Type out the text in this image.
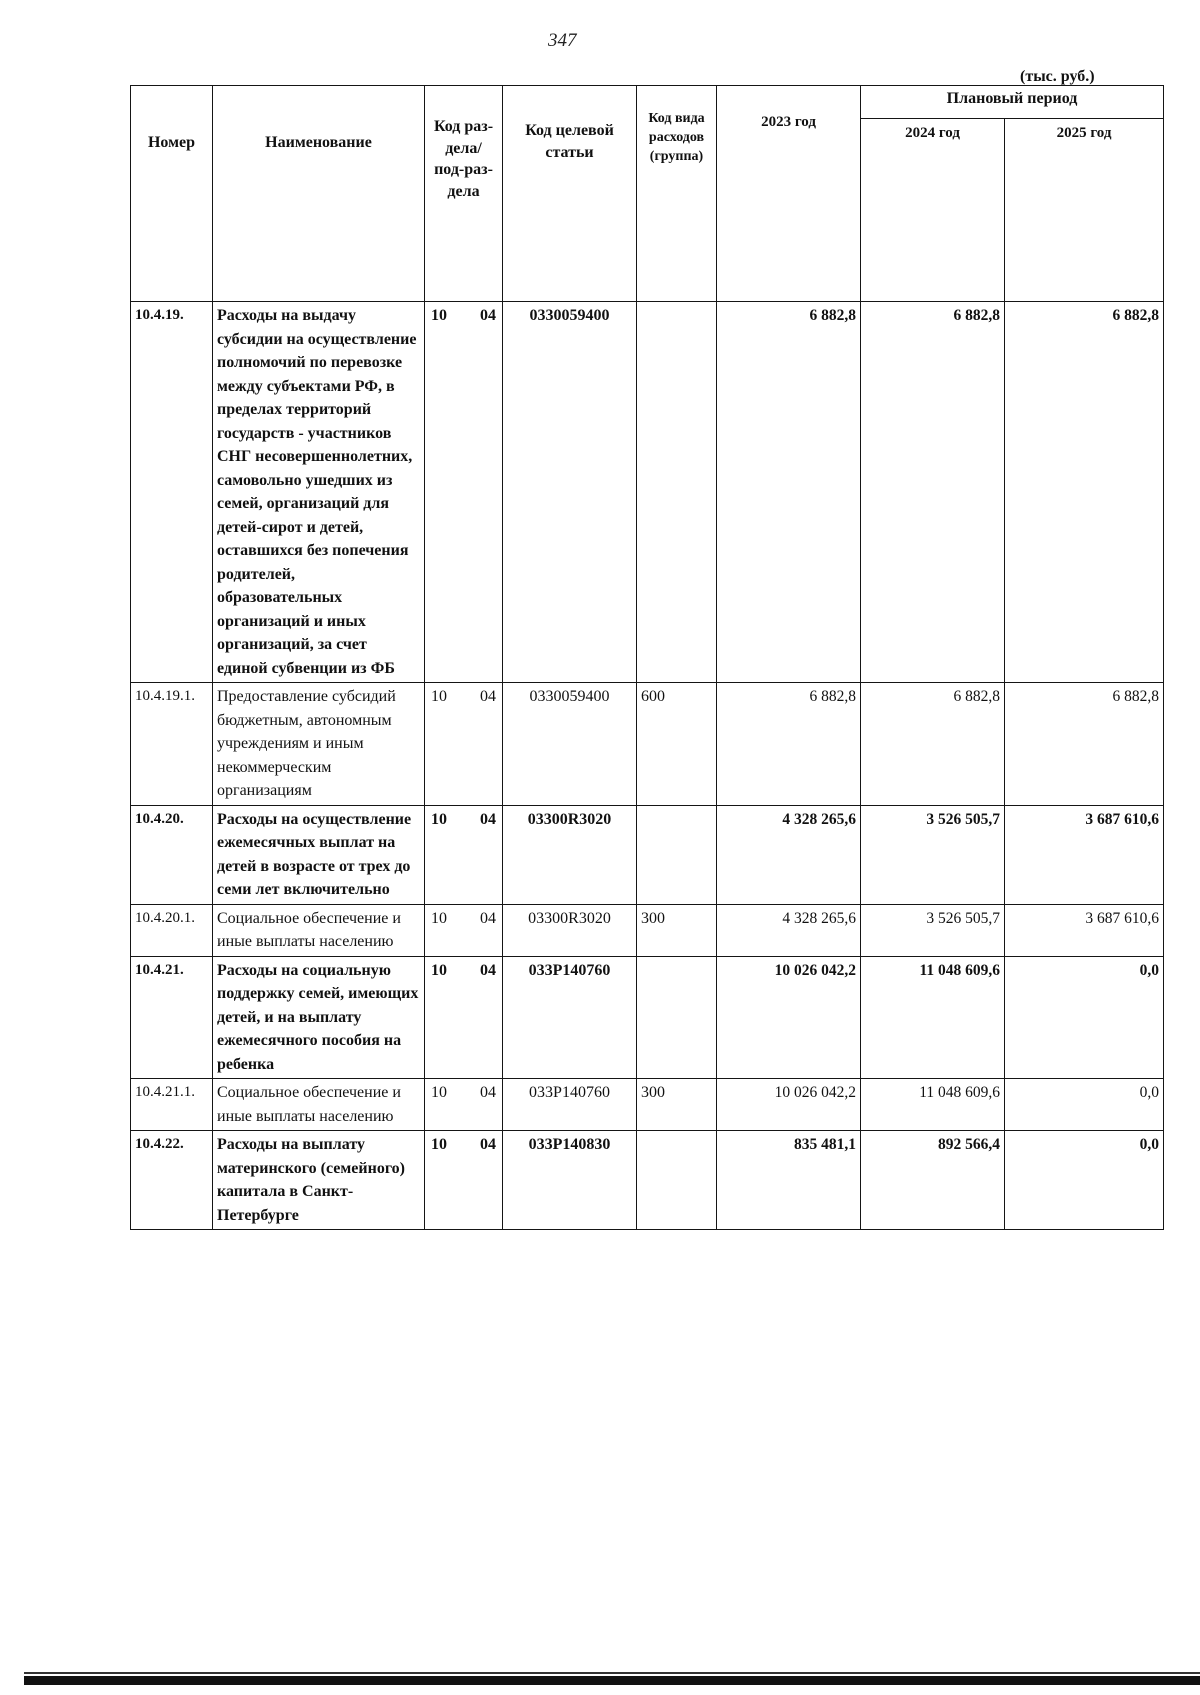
347
(тыс. руб.)
Номер	Наименование	Код раз-дела/ под-раз-дела	Код целевой статьи	Код вида расходов (группа)	2023 год	Плановый период	
						2024 год	2025 год
10.4.19.	Расходы на выдачу субсидии на осуществление полномочий по перевозке между субъектами РФ, в пределах территорий государств - участников СНГ несовершеннолетних, самовольно ушедших из семей, организаций для детей-сирот и детей, оставшихся без попечения родителей, образовательных организаций и иных организаций, за счет единой субвенции из ФБ	10 04	0330059400		6 882,8	6 882,8	6 882,8
10.4.19.1.	Предоставление субсидий бюджетным, автономным учреждениям и иным некоммерческим организациям	10 04	0330059400	600	6 882,8	6 882,8	6 882,8
10.4.20.	Расходы на осуществление ежемесячных выплат на детей в возрасте от трех до семи лет включительно	10 04	03300R3020		4 328 265,6	3 526 505,7	3 687 610,6
10.4.20.1.	Социальное обеспечение и иные выплаты населению	10 04	03300R3020	300	4 328 265,6	3 526 505,7	3 687 610,6
10.4.21.	Расходы на социальную поддержку семей, имеющих детей, и на выплату ежемесячного пособия на ребенка	10 04	033P140760		10 026 042,2	11 048 609,6	0,0
10.4.21.1.	Социальное обеспечение и иные выплаты населению	10 04	033P140760	300	10 026 042,2	11 048 609,6	0,0
10.4.22.	Расходы на выплату материнского (семейного) капитала в Санкт-Петербурге	10 04	033P140830		835 481,1	892 566,4	0,0
